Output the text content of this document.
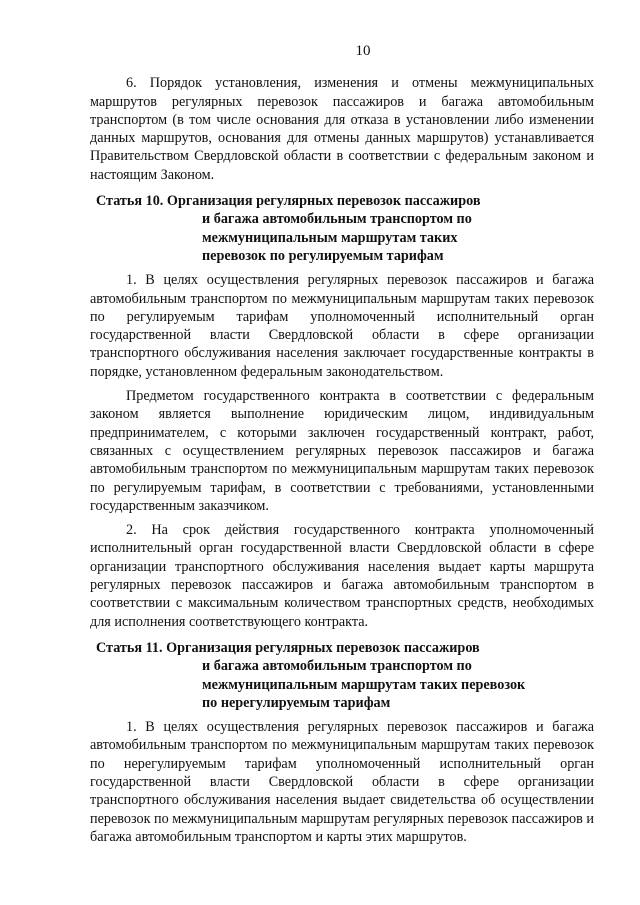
10

6. Порядок установления, изменения и отмены межмуниципальных маршрутов регулярных перевозок пассажиров и багажа автомобильным транспортом (в том числе основания для отказа в установлении либо изменении данных маршрутов, основания для отмены данных маршрутов) устанавливается Правительством Свердловской области в соответствии с федеральным законом и настоящим Законом.

Статья 10. Организация регулярных перевозок пассажиров
и багажа автомобильным транспортом по
межмуниципальным маршрутам таких
перевозок по регулируемым тарифам

1. В целях осуществления регулярных перевозок пассажиров и багажа автомобильным транспортом по межмуниципальным маршрутам таких перевозок по регулируемым тарифам уполномоченный исполнительный орган государственной власти Свердловской области в сфере организации транспортного обслуживания населения заключает государственные контракты в порядке, установленном федеральным законодательством.

Предметом государственного контракта в соответствии с федеральным законом является выполнение юридическим лицом, индивидуальным предпринимателем, с которыми заключен государственный контракт, работ, связанных с осуществлением регулярных перевозок пассажиров и багажа автомобильным транспортом по межмуниципальным маршрутам таких перевозок по регулируемым тарифам, в соответствии с требованиями, установленными государственным заказчиком.

2. На срок действия государственного контракта уполномоченный исполнительный орган государственной власти Свердловской области в сфере организации транспортного обслуживания населения выдает карты маршрута регулярных перевозок пассажиров и багажа автомобильным транспортом в соответствии с максимальным количеством транспортных средств, необходимых для исполнения соответствующего контракта.

Статья 11. Организация регулярных перевозок пассажиров
и багажа автомобильным транспортом по
межмуниципальным маршрутам таких перевозок
по нерегулируемым тарифам

1. В целях осуществления регулярных перевозок пассажиров и багажа автомобильным транспортом по межмуниципальным маршрутам таких перевозок по нерегулируемым тарифам уполномоченный исполнительный орган государственной власти Свердловской области в сфере организации транспортного обслуживания населения выдает свидетельства об осуществлении перевозок по межмуниципальным маршрутам регулярных перевозок пассажиров и багажа автомобильным транспортом и карты этих маршрутов.
